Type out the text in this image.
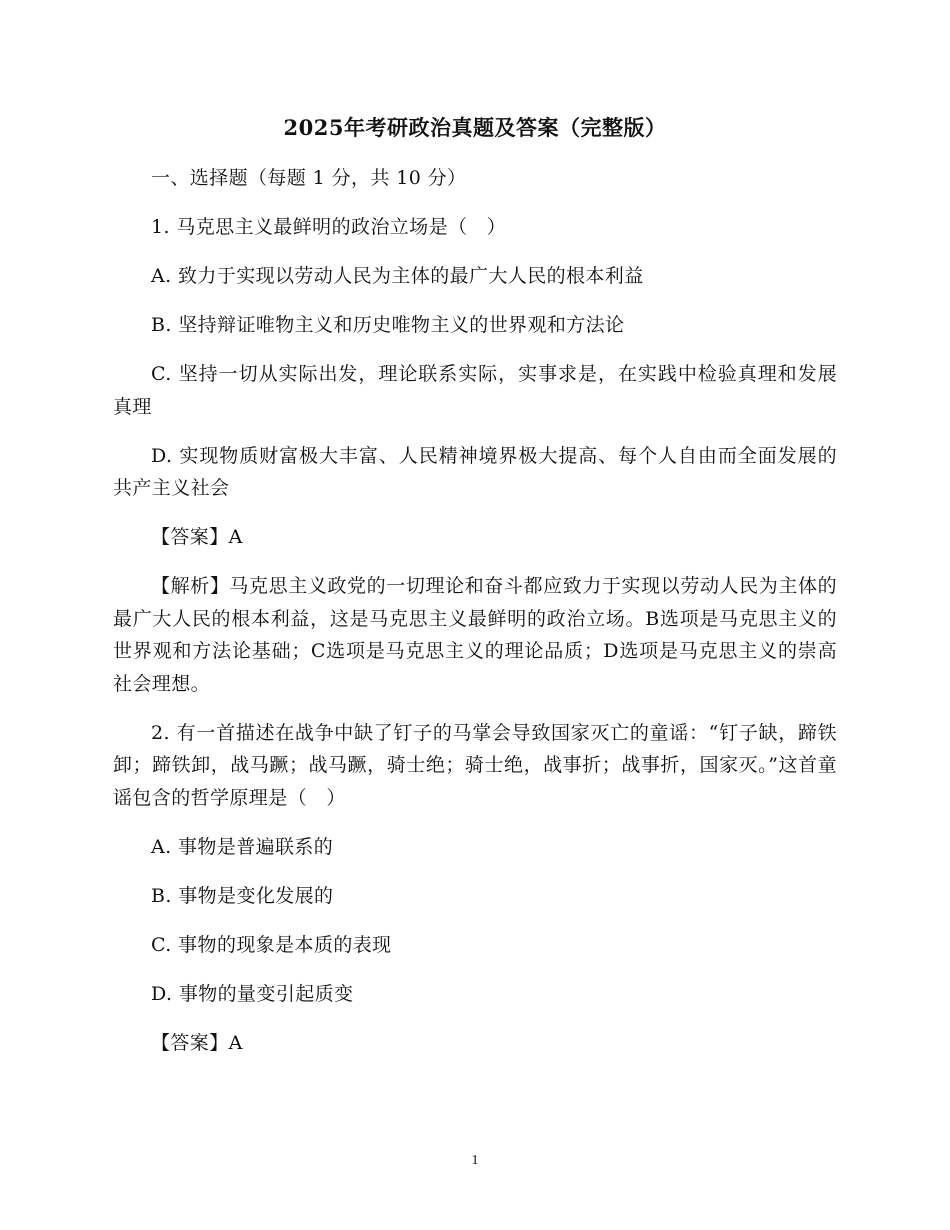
2025年考研政治真题及答案（完整版）

一、选择题（每题 1 分，共 10 分）

1. 马克思主义最鲜明的政治立场是（　）

A. 致力于实现以劳动人民为主体的最广大人民的根本利益

B. 坚持辩证唯物主义和历史唯物主义的世界观和方法论

C. 坚持一切从实际出发，理论联系实际，实事求是，在实践中检验真理和发展真理

D. 实现物质财富极大丰富、人民精神境界极大提高、每个人自由而全面发展的共产主义社会

【答案】A

【解析】马克思主义政党的一切理论和奋斗都应致力于实现以劳动人民为主体的最广大人民的根本利益，这是马克思主义最鲜明的政治立场。B选项是马克思主义的世界观和方法论基础；C选项是马克思主义的理论品质；D选项是马克思主义的崇高社会理想。

2. 有一首描述在战争中缺了钉子的马掌会导致国家灭亡的童谣：“钉子缺，蹄铁卸；蹄铁卸，战马蹶；战马蹶，骑士绝；骑士绝，战事折；战事折，国家灭。”这首童谣包含的哲学原理是（　）

A. 事物是普遍联系的

B. 事物是变化发展的

C. 事物的现象是本质的表现

D. 事物的量变引起质变

【答案】A

1
